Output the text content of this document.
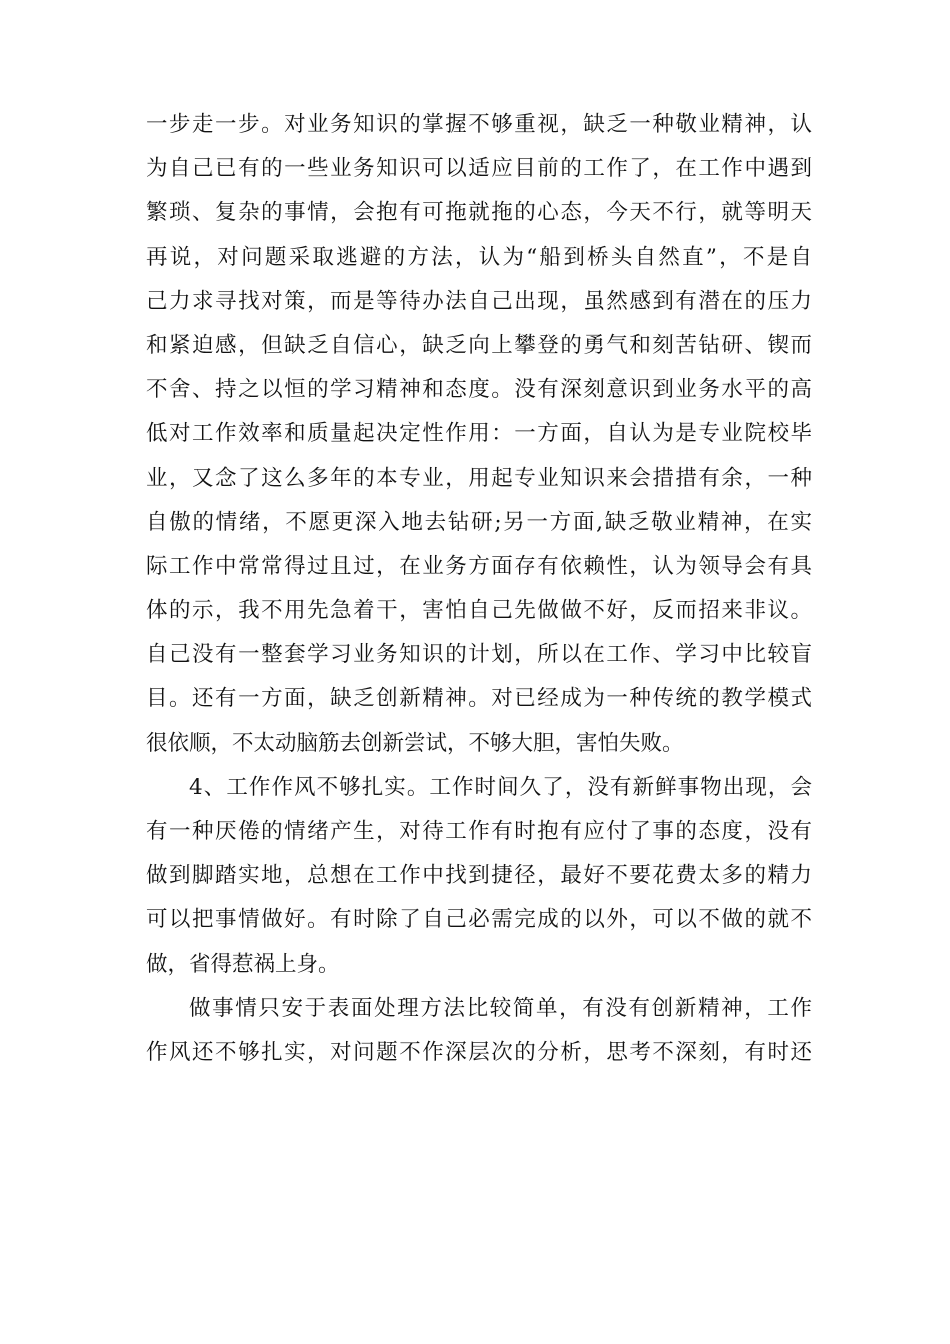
一步走一步。对业务知识的掌握不够重视，缺乏一种敬业精神，认
为自己已有的一些业务知识可以适应目前的工作了，在工作中遇到
繁琐、复杂的事情，会抱有可拖就拖的心态，今天不行，就等明天
再说，对问题采取逃避的方法，认为“船到桥头自然直”，不是自
己力求寻找对策，而是等待办法自己出现，虽然感到有潜在的压力
和紧迫感，但缺乏自信心，缺乏向上攀登的勇气和刻苦钻研、锲而
不舍、持之以恒的学习精神和态度。没有深刻意识到业务水平的高
低对工作效率和质量起决定性作用：一方面，自认为是专业院校毕
业，又念了这么多年的本专业，用起专业知识来会措措有余，一种
自傲的情绪，不愿更深入地去钻研;另一方面,缺乏敬业精神，在实
际工作中常常得过且过，在业务方面存有依赖性，认为领导会有具
体的示，我不用先急着干，害怕自己先做做不好，反而招来非议。
自己没有一整套学习业务知识的计划，所以在工作、学习中比较盲
目。还有一方面，缺乏创新精神。对已经成为一种传统的教学模式
很依顺，不太动脑筋去创新尝试，不够大胆，害怕失败。
4、工作作风不够扎实。工作时间久了，没有新鲜事物出现，会
有一种厌倦的情绪产生，对待工作有时抱有应付了事的态度，没有
做到脚踏实地，总想在工作中找到捷径，最好不要花费太多的精力
可以把事情做好。有时除了自己必需完成的以外，可以不做的就不
做，省得惹祸上身。
做事情只安于表面处理方法比较简单，有没有创新精神，工作
作风还不够扎实，对问题不作深层次的分析，思考不深刻，有时还
